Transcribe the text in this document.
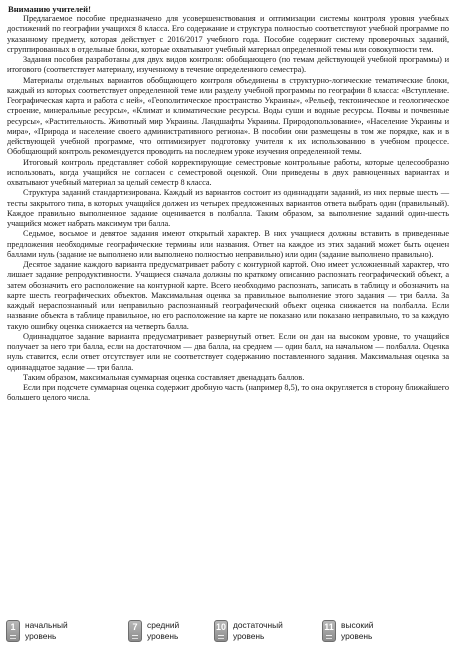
Вниманию учителей!

Предлагаемое пособие предназначено для усовершенствования и оптимизации системы контроля уровня учебных достижений по географии учащихся 8 класса. Его содержание и структура полностью соответствуют учебной программе по указанному предмету, которая действует с 2016/2017 учебного года. Пособие содержит систему проверочных заданий, сгруппированных в отдельные блоки, которые охватывают учебный материал определенной темы или совокупности тем.

Задания пособия разработаны для двух видов контроля: обобщающего (по темам действующей учебной программы) и итогового (соответствует материалу, изученному в течение определенного семестра).

Материалы отдельных вариантов обобщающего контроля объединены в структурно-логические тематические блоки, каждый из которых соответствует определенной теме или разделу учебной программы по географии 8 класса: «Вступление. Географическая карта и работа с ней», «Геополитическое пространство Украины», «Рельеф, тектоническое и геологическое строение, минеральные ресурсы», «Климат и климатические ресурсы. Воды суши и водные ресурсы. Почвы и почвенные ресурсы», «Растительность. Животный мир Украины. Ландшафты Украины. Природопользование», «Население Украины и мира», «Природа и население своего административного региона». В пособии они размещены в том же порядке, как и в действующей учебной программе, что оптимизирует подготовку учителя к их использованию в учебном процессе. Обобщающий контроль рекомендуется проводить на последнем уроке изучения определенной темы.

Итоговый контроль представляет собой корректирующие семестровые контрольные работы, которые целесообразно использовать, когда учащийся не согласен с семестровой оценкой. Они приведены в двух равноценных вариантах и охватывают учебный материал за целый семестр 8 класса.

Структура заданий стандартизирована. Каждый из вариантов состоит из одиннадцати заданий, из них первые шесть — тесты закрытого типа, в которых учащийся должен из четырех предложенных вариантов ответа выбрать один (правильный). Каждое правильно выполненное задание оценивается в полбалла. Таким образом, за выполнение заданий один-шесть учащийся может набрать максимум три балла.

Седьмое, восьмое и девятое задания имеют открытый характер. В них учащиеся должны вставить в приведенные предложения необходимые географические термины или названия. Ответ на каждое из этих заданий может быть оценен баллами нуль (задание не выполнено или выполнено полностью неправильно) или один (задание выполнено правильно).

Десятое задание каждого варианта предусматривает работу с контурной картой. Оно имеет усложненный характер, что лишает задание репродуктивности. Учащиеся сначала должны по краткому описанию распознать географический объект, а затем обозначить его расположение на контурной карте. Всего необходимо распознать, записать в таблицу и обозначить на карте шесть географических объектов. Максимальная оценка за правильное выполнение этого задания — три балла. За каждый нераспознанный или неправильно распознанный географический объект оценка снижается на полбалла. Если название объекта в таблице правильное, но его расположение на карте не показано или показано неправильно, то за каждую такую ошибку оценка снижается на четверть балла.

Одиннадцатое задание варианта предусматривает развернутый ответ. Если он дан на высоком уровне, то учащийся получает за него три балла, если на достаточном — два балла, на среднем — один балл, на начальном — полбалла. Оценка нуль ставится, если ответ отсутствует или не соответствует содержанию поставленного задания. Максимальная оценка за одиннадцатое задание — три балла.

Таким образом, максимальная суммарная оценка составляет двенадцать баллов.

Если при подсчете суммарная оценка содержит дробную часть (например 8,5), то она округляется в сторону ближайшего большего целого числа.

1	начальный
уровень
7	средний
уровень
10 достаточный
уровень
11 высокий
уровень
